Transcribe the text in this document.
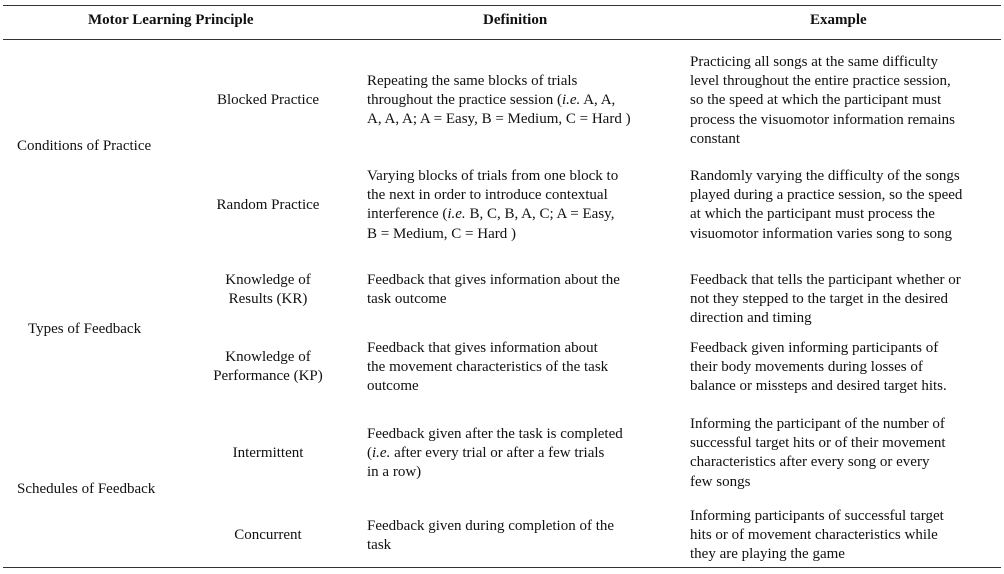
Motor Learning Principle	Definition	Example
Conditions of Practice
Types of Feedback
Schedules of Feedback
Blocked Practice
Repeating the same blocks of trials
throughout the practice session (i.e. A, A,
A, A, A; A = Easy, B = Medium, C = Hard )
Practicing all songs at the same difficulty
level throughout the entire practice session,
so the speed at which the participant must
process the visuomotor information remains
constant
Random Practice
Varying blocks of trials from one block to
the next in order to introduce contextual
interference (i.e. B, C, B, A, C; A = Easy,
B = Medium, C = Hard )
Randomly varying the difficulty of the songs
played during a practice session, so the speed
at which the participant must process the
visuomotor information varies song to song
Knowledge of
Results (KR)
Feedback that gives information about the
task outcome
Feedback that tells the participant whether or
not they stepped to the target in the desired
direction and timing
Knowledge of
Performance (KP)
Feedback that gives information about
the movement characteristics of the task
outcome
Feedback given informing participants of
their body movements during losses of
balance or missteps and desired target hits.
Intermittent
Feedback given after the task is completed
(i.e. after every trial or after a few trials
in a row)
Informing the participant of the number of
successful target hits or of their movement
characteristics after every song or every
few songs
Concurrent
Feedback given during completion of the
task
Informing participants of successful target
hits or of movement characteristics while
they are playing the game
